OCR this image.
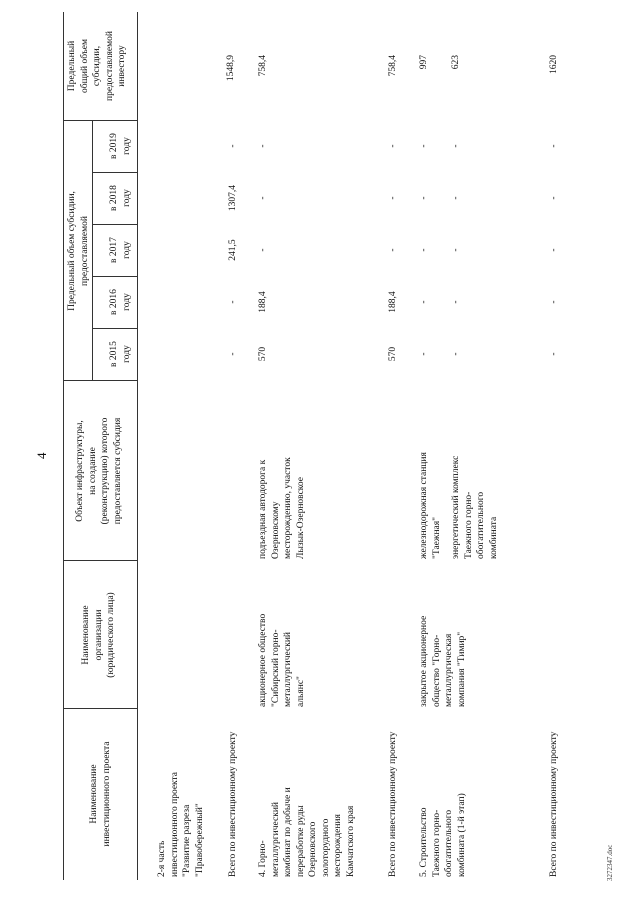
4
Наименование инвестиционного проекта
Наименование организации (юридического лица)
Объект инфраструктуры, на создание (реконструкцию) которого предоставляется субсидия
Предельный объем субсидии, предоставляемой
в 2015 году
в 2016 году
в 2017 году
в 2018 году
в 2019 году
Предельный общий объем субсидии, предоставляемой инвестору
2-я часть инвестиционного проекта "Развитие разреза "Правобережный"
1548,9
Всего по инвестиционному проекту
-
-
241,5
1307,4
-
4. Горно- металлургический комбинат по добыче и переработке руды Озерновского золоторудного месторождения Камчатского края
акционерное общество "Сибирский горно- металлургический альянс"
подъездная автодорога к Озерновскому месторождению, участок Лызык-Озерновское
570
188,4
-
-
-
758,4
Всего по инвестиционному проекту
570
188,4
-
-
-
758,4
5. Строительство Таежного горно- обогатительного комбината (1-й этап)
закрытое акционерное общество "Горно- металлургическая компания "Тимир"
железнодорожная станция "Таежная"
-
-
-
-
-
997
энергетический комплекс Таежного горно- обогатительного комбината
-
-
-
-
-
623
Всего по инвестиционному проекту
-
-
-
-
-
1620
3272347.doc
